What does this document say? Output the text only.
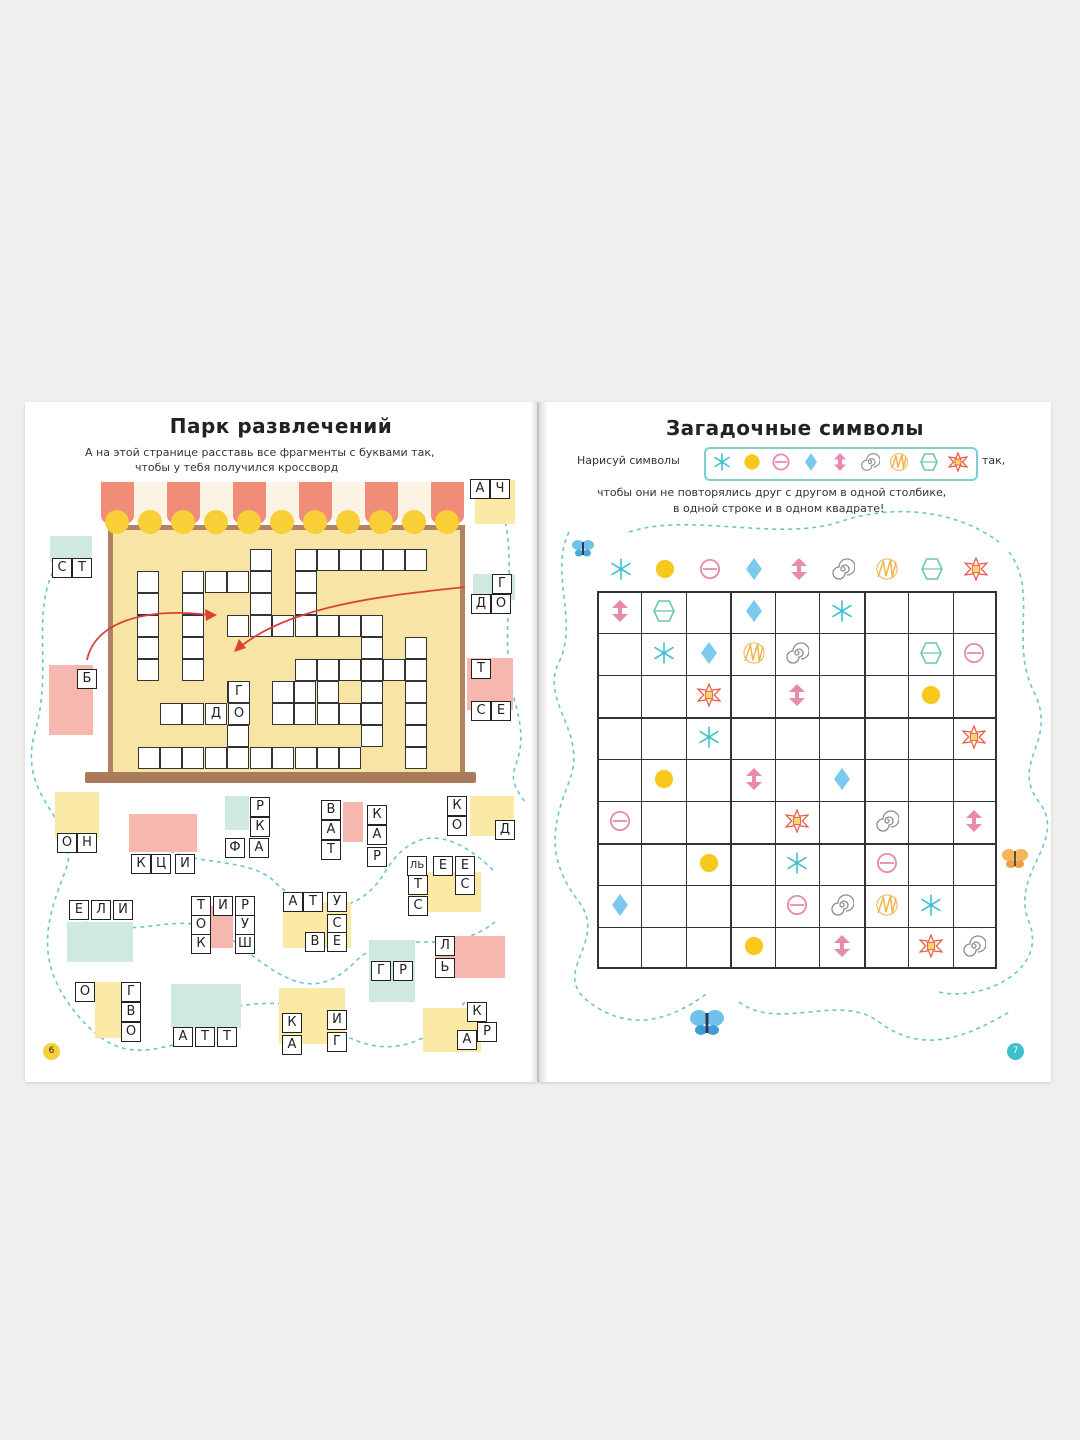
Парк развлечений
А на этой странице расставь все фрагменты с буквами так,
чтобы у тебя получился кроссворд
Г
Д О
А Ч
С Т
Г
Д О
Б
Т
С Е
О Н
К Ц	И
Р
К
Ф	А
В
А
Т
К
А
Р
К
О	Д
Е	Л И	Т	И	Р
О	У
К	Ш
А Т	У
С
В	Е
ЛЬ	Е	Е
Т	С
С
Г	Р
Л
Ь
О	Г
В
О	А	Т	Т
К
А
И
Г
К
Р
А
6
Загадочные символы
Нарисуй символы	так,
чтобы они не повторялись друг с другом в одной столбике,
в одной строке и в одном квадрате!
7
